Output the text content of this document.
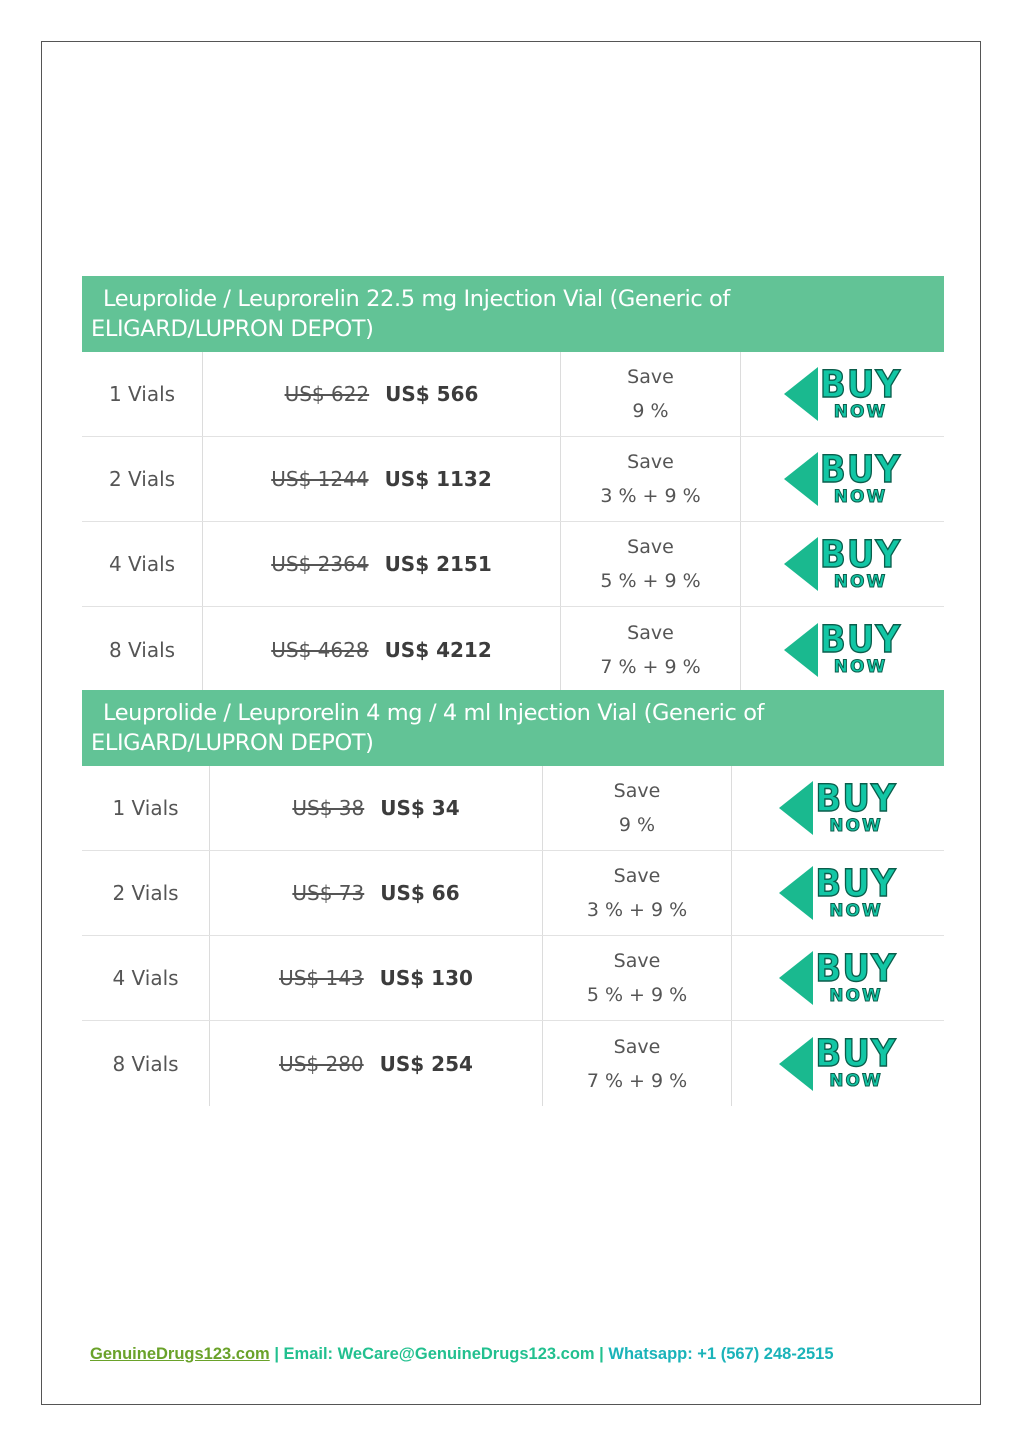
Leuprolide / Leuprorelin 22.5 mg Injection Vial (Generic of
ELIGARD/LUPRON DEPOT)
1 Vials	US$ 622 US$ 566
Save
9 %
BUY
NOW
2 Vials	US$ 1244 US$ 1132
Save
3 % + 9 %
BUY
NOW
4 Vials	US$ 2364 US$ 2151
Save
5 % + 9 %
BUY
NOW
8 Vials	US$ 4628 US$ 4212
Save
7 % + 9 %
BUY
NOW
Leuprolide / Leuprorelin 4 mg / 4 ml Injection Vial (Generic of
ELIGARD/LUPRON DEPOT)
1 Vials	US$ 38 US$ 34
Save
9 %
BUY
NOW
2 Vials	US$ 73 US$ 66
Save
3 % + 9 %
BUY
NOW
4 Vials	US$ 143 US$ 130
Save
5 % + 9 %
BUY
NOW
8 Vials	US$ 280 US$ 254
Save
7 % + 9 %
BUY
NOW
GenuineDrugs123.com | Email: WeCare@GenuineDrugs123.com | Whatsapp: +1 (567) 248-2515
